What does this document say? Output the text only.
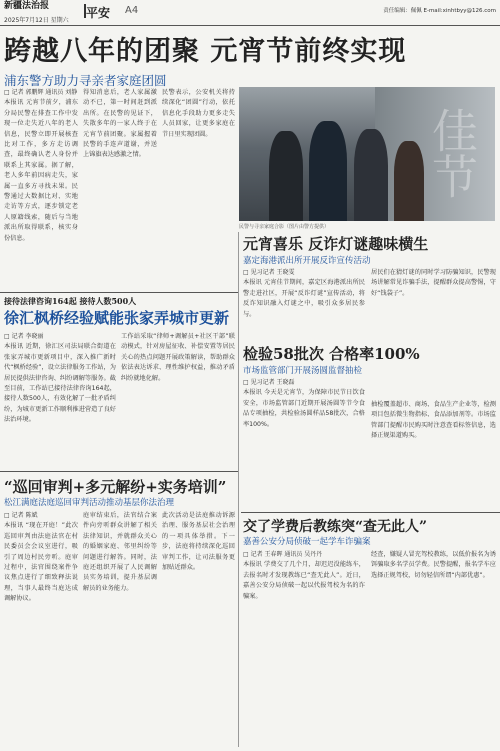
新疆法治报
2025年7月12日 星期六
平安 A4	责任编辑：佩佩 E-mail:xinhtbyy@126.com
跨越八年的团聚 元宵节前终实现
浦东警方助力寻亲者家庭团圆
□ 记者 郭鹏辉 通讯员 刘静
本报讯 元宵节前夕，浦东分局民警在排查工作中发现一位走失近八年的老人信息，民警立即开展核查比对工作，多方走访调查，最终确认老人身份并联系上其家属。据了解，老人多年前因病走失，家属一直多方寻找未果。民警通过大数据比对、实地走访等方式，逐步锁定老人原籍线索，随后与当地派出所取得联系，核实身份信息。
得知消息后，老人家属激动不已，第一时间赶到派出所。在民警的见证下，失散多年的一家人终于在元宵节前团聚。家属握着民警的手连声道谢，并送上锦旗表达感激之情。
民警表示，公安机关将持续深化“团圆”行动，依托信息化手段助力更多走失人员回家，让更多家庭在节日里实现团圆。	佳节
民警与寻亲家庭合影（图片由警方提供）
接待法律咨询164起 接待人数500人
徐汇枫桥经验赋能张家弄城市更新
□ 记者 李晓丽
本报讯 近期，徐汇区司法局联合街道在张家弄城市更新项目中，深入推广新时代“枫桥经验”，设立法律服务工作站，为居民提供法律咨询、纠纷调解等服务。截至目前，工作站已接待法律咨询164起，接待人数500人，有效化解了一批矛盾纠纷，为城市更新工作顺利推进营造了良好法治环境。
工作站采取“律师+调解员+社区干部”联动模式，针对房屋征收、补偿安置等居民关心的热点问题开展政策解读，帮助群众依法表达诉求、理性维护权益，推动矛盾纠纷就地化解。
“巡回审判+多元解纷+实务培训”
松江满庭法庭巡回审判活动推动基层你法治理
□ 记者 陈斌
本报讯 “现在开庭！”此次巡回审判由法庭法官在村民委员会会议室进行，吸引了周边村民旁听。庭审过程中，法官围绕案件争议焦点进行了细致释法说理，当事人最终当庭达成调解协议。
庭审结束后，法官结合案件向旁听群众讲解了相关法律知识，并就群众关心的婚姻家庭、邻里纠纷等问题进行解答。同时，法庭还组织开展了人民调解员实务培训，提升基层调解员的业务能力。
此次活动是法庭推动诉源治理、服务基层社会治理的一项具体举措。下一步，法庭将持续深化巡回审判工作，让司法服务更加贴近群众。
元宵喜乐 反诈灯谜趣味横生
嘉定海港派出所开展反诈宣传活动
□ 见习记者 王晓雯
本报讯 元宵佳节期间，嘉定区海港派出所民警走进社区，开展“反诈灯谜”宣传活动，将反诈知识融入灯谜之中，吸引众多居民参与。
居民们在猜灯谜的同时学习防骗知识，民警现场讲解常见诈骗手法，提醒群众提高警惕，守好“钱袋子”。
检验58批次 合格率100%
市场监管部门开展汤圆监督抽检
□ 见习记者 王晓磊
本报讯 今天是元宵节，为保障市民节日饮食安全，市场监管部门近期开展汤圆等节令食品专项抽检，共检验汤圆样品58批次，合格率100%。
抽检覆盖超市、商场、食品生产企业等，检测项目包括微生物指标、食品添加剂等。市场监管部门提醒市民购买时注意查看标签信息，选择正规渠道购买。
交了学费后教练突“查无此人”
嘉善公安分局侦破一起学车诈骗案
□ 记者 王春晖 通讯员 吴丹丹
本报讯 学费交了几个月，却迟迟没能练车，去报名时才发现教练已“查无此人”。近日，嘉善公安分局侦破一起以代报驾校为名的诈骗案。
经查，嫌疑人冒充驾校教练，以低价报名为诱饵骗取多名学员学费。民警提醒，报名学车应选择正规驾校，切勿轻信所谓“内部优惠”。
